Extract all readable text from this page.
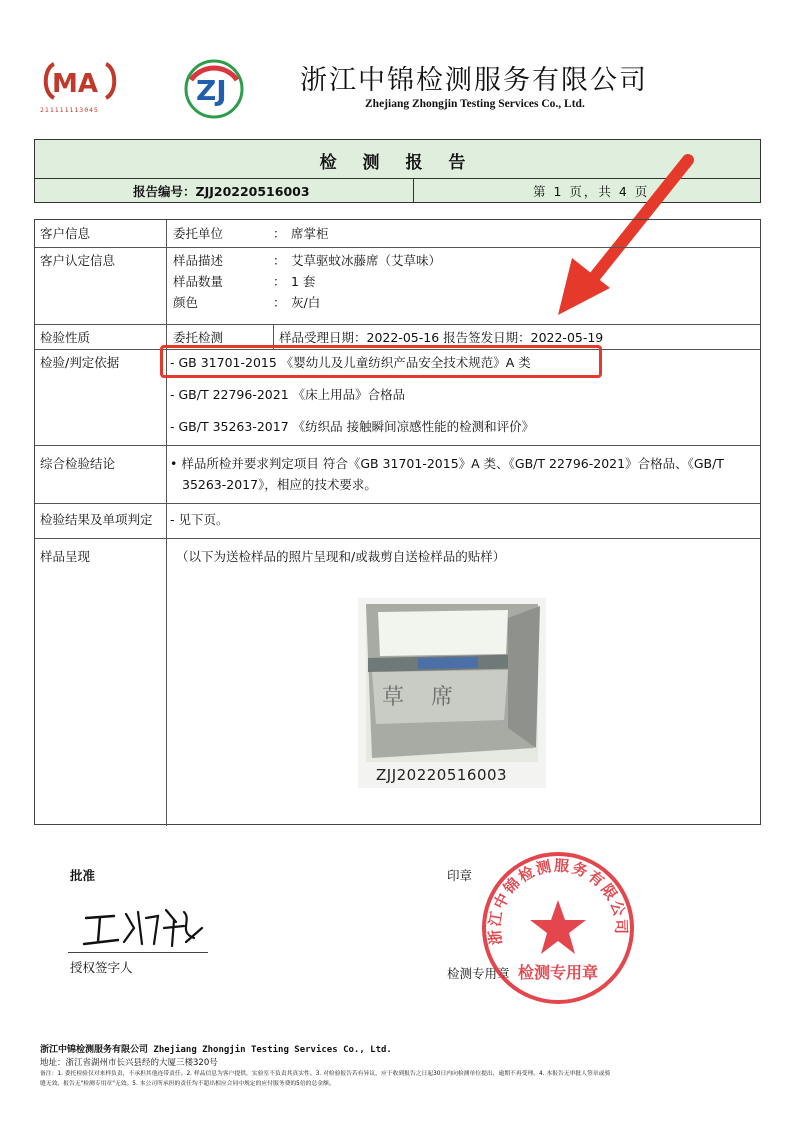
MA
211111113045
ZJ	浙江中锦检测服务有限公司
Zhejiang Zhongjin Testing Services Co., Ltd.
检 测 报 告
报告编号：ZJJ20220516003	第 1 页，共 4 页
客户信息	委托单位	： 席掌柜
客户认定信息	样品描述	： 艾草驱蚊冰藤席（艾草味）
样品数量	： 1 套
颜色	： 灰/白
检验性质	委托检测	样品受理日期：2022-05-16 报告签发日期：2022-05-19
检验/判定依据	- GB 31701-2015 《婴幼儿及儿童纺织产品安全技术规范》A 类
- GB/T 22796-2021 《床上用品》合格品
- GB/T 35263-2017 《纺织品 接触瞬间凉感性能的检测和评价》
综合检验结论	• 样品所检并要求判定项目 符合《GB 31701-2015》A 类、《GB/T 22796-2021》合格品、《GB/T
35263-2017》，相应的技术要求。
检验结果及单项判定 - 见下页。
样品呈现	（以下为送检样品的照片呈现和/或裁剪自送检样品的贴样）
草 席
ZJJ20220516003
批准
授权签字人
印章
检测专用章
浙江中锦检测服务有限公司
检测专用章
浙江中锦检测服务有限公司 Zhejiang Zhongjin Testing Services Co., Ltd.
地址：浙江省湖州市长兴县经的大厦三楼320号
备注：1. 委托检验仅对来样负责，不承担其他连带责任。2. 样品信息为客户提供，实验室不负责其真实性。3. 对检验报告若有异议，应于收到报告之日起30日内向检测单位提出，逾期不再受理。4. 本报告无审批人签章或骑
缝无效，报告无"检测专用章"无效。5. 本公司所承担的责任均不超出相应合同中规定的应付服务费的5倍的总金额。
